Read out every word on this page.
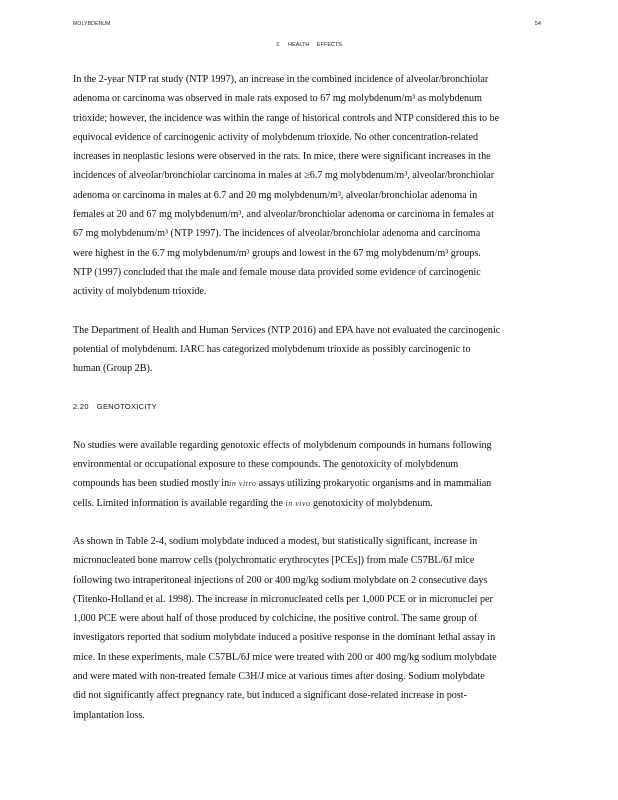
MOLYBDENUM	54
2. HEALTH EFFECTS
In the 2-year NTP rat study (NTP 1997), an increase in the combined incidence of alveolar/bronchiolar
adenoma or carcinoma was observed in male rats exposed to 67 mg molybdenum/m³ as molybdenum
trioxide; however, the incidence was within the range of historical controls and NTP considered this to be
equivocal evidence of carcinogenic activity of molybdenum trioxide. No other concentration-related
increases in neoplastic lesions were observed in the rats. In mice, there were significant increases in the
incidences of alveolar/bronchiolar carcinoma in males at ≥6.7 mg molybdenum/m³, alveolar/bronchiolar
adenoma or carcinoma in males at 6.7 and 20 mg molybdenum/m³, alveolar/bronchiolar adenoma in
females at 20 and 67 mg molybdenum/m³, and alveolar/bronchiolar adenoma or carcinoma in females at
67 mg molybdenum/m³ (NTP 1997). The incidences of alveolar/bronchiolar adenoma and carcinoma
were highest in the 6.7 mg molybdenum/m³ groups and lowest in the 67 mg molybdenum/m³ groups.
NTP (1997) concluded that the male and female mouse data provided some evidence of carcinogenic
activity of molybdenum trioxide.
The Department of Health and Human Services (NTP 2016) and EPA have not evaluated the carcinogenic
potential of molybdenum. IARC has categorized molybdenum trioxide as possibly carcinogenic to
human (Group 2B).
2.20 GENOTOXICITY
No studies were available regarding genotoxic effects of molybdenum compounds in humans following
environmental or occupational exposure to these compounds. The genotoxicity of molybdenum
compounds has been studied mostly inin vitro assays utilizing prokaryotic organisms and in mammalian
cells. Limited information is available regarding the in vivo genotoxicity of molybdenum.
As shown in Table 2-4, sodium molybdate induced a modest, but statistically significant, increase in
micronucleated bone marrow cells (polychromatic erythrocytes [PCEs]) from male C57BL/6J mice
following two intraperitoneal injections of 200 or 400 mg/kg sodium molybdate on 2 consecutive days
(Titenko-Holland et al. 1998). The increase in micronucleated cells per 1,000 PCE or in micronuclei per
1,000 PCE were about half of those produced by colchicine, the positive control. The same group of
investigators reported that sodium molybdate induced a positive response in the dominant lethal assay in
mice. In these experiments, male C57BL/6J mice were treated with 200 or 400 mg/kg sodium molybdate
and were mated with non-treated female C3H/J mice at various times after dosing. Sodium molybdate
did not significantly affect pregnancy rate, but induced a significant dose-related increase in post-
implantation loss.
